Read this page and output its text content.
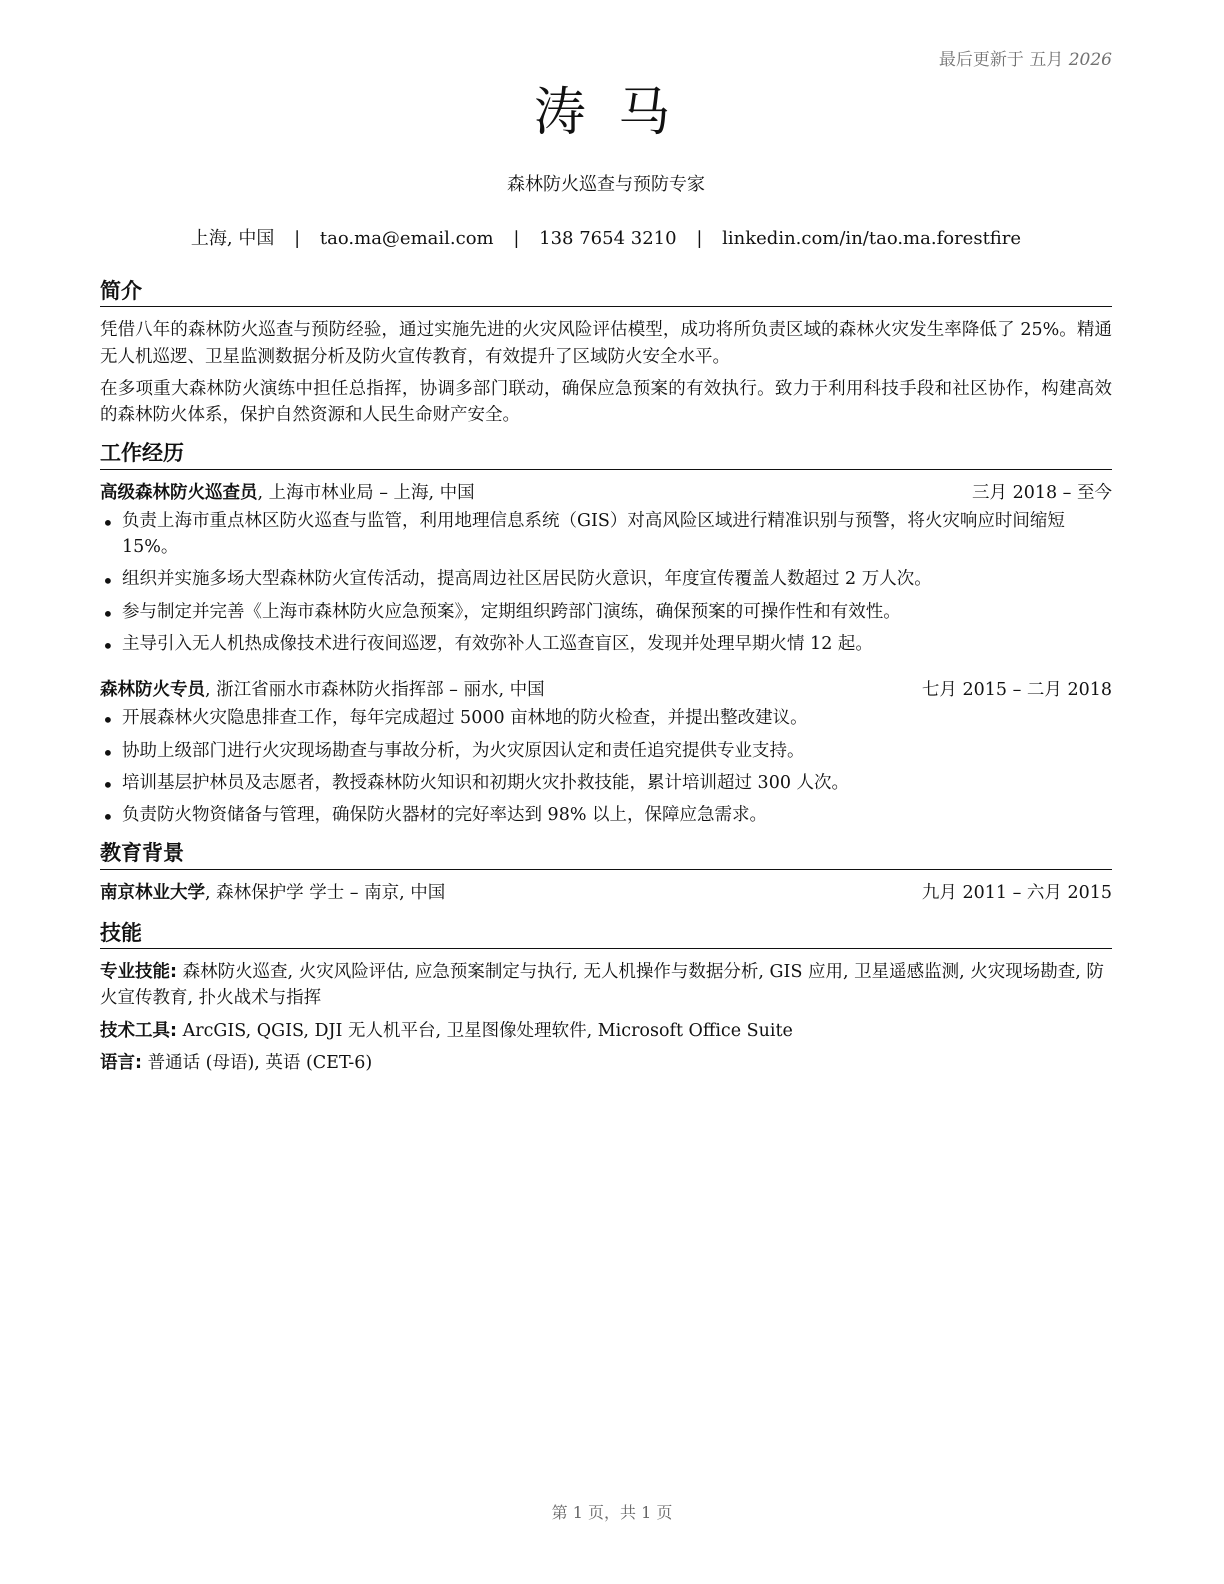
最后更新于 五月 2026
涛 马
森林防火巡查与预防专家
上海, 中国 | tao.ma@email.com | 138 7654 3210 | linkedin.com/in/tao.ma.forestfire
简介

凭借八年的森林防火巡查与预防经验，通过实施先进的火灾风险评估模型，成功将所负责区域的森林火灾发生率降低了 25%。精通无人机巡逻、卫星监测数据分析及防火宣传教育，有效提升了区域防火安全水平。

在多项重大森林防火演练中担任总指挥，协调多部门联动，确保应急预案的有效执行。致力于利用科技手段和社区协作，构建高效的森林防火体系，保护自然资源和人民生命财产安全。

工作经历
高级森林防火巡查员, 上海市林业局 – 上海, 中国	三月 2018 – 至今
• 负责上海市重点林区防火巡查与监管，利用地理信息系统（GIS）对高风险区域进行精准识别与预警，将火灾响应时间缩短 15%。
• 组织并实施多场大型森林防火宣传活动，提高周边社区居民防火意识，年度宣传覆盖人数超过 2 万人次。
• 参与制定并完善《上海市森林防火应急预案》，定期组织跨部门演练，确保预案的可操作性和有效性。
• 主导引入无人机热成像技术进行夜间巡逻，有效弥补人工巡查盲区，发现并处理早期火情 12 起。
森林防火专员, 浙江省丽水市森林防火指挥部 – 丽水, 中国	七月 2015 – 二月 2018
• 开展森林火灾隐患排查工作，每年完成超过 5000 亩林地的防火检查，并提出整改建议。
• 协助上级部门进行火灾现场勘查与事故分析，为火灾原因认定和责任追究提供专业支持。
• 培训基层护林员及志愿者，教授森林防火知识和初期火灾扑救技能，累计培训超过 300 人次。
• 负责防火物资储备与管理，确保防火器材的完好率达到 98% 以上，保障应急需求。
教育背景
南京林业大学, 森林保护学 学士 – 南京, 中国	九月 2011 – 六月 2015
技能

专业技能: 森林防火巡查, 火灾风险评估, 应急预案制定与执行, 无人机操作与数据分析, GIS 应用, 卫星遥感监测, 火灾现场勘查, 防火宣传教育, 扑火战术与指挥

技术工具: ArcGIS, QGIS, DJI 无人机平台, 卫星图像处理软件, Microsoft Office Suite

语言: 普通话 (母语), 英语 (CET-6)

第 1 页，共 1 页
